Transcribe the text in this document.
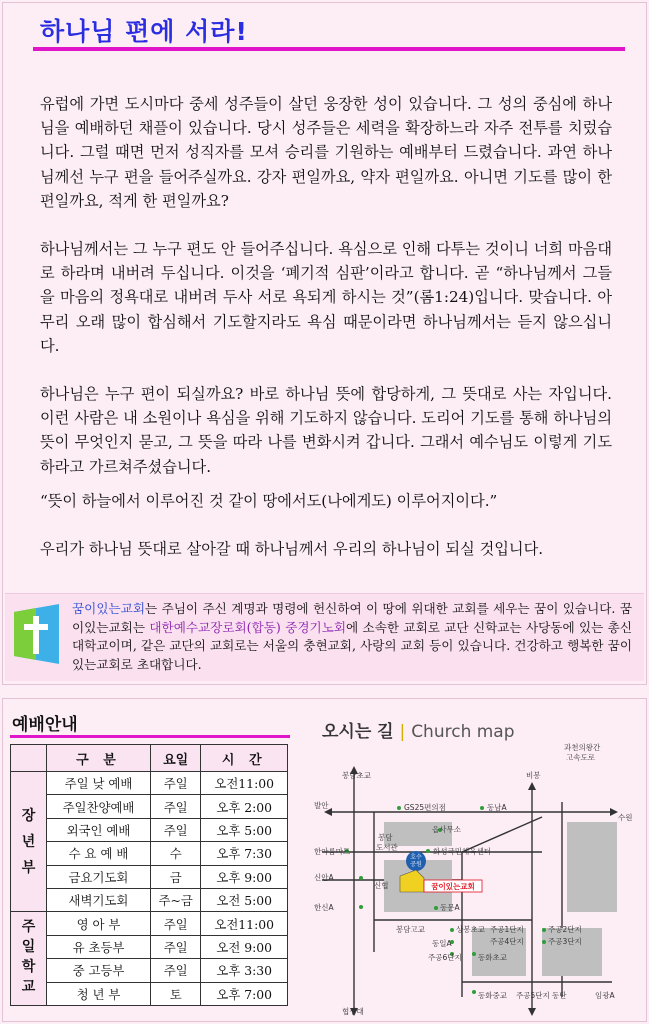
하나님 편에 서라!

유럽에 가면 도시마다 중세 성주들이 살던 웅장한 성이 있습니다. 그 성의 중심에 하나님을 예배하던 채플이 있습니다. 당시 성주들은 세력을 확장하느라 자주 전투를 치렀습니다. 그럴 때면 먼저 성직자를 모셔 승리를 기원하는 예배부터 드렸습니다. 과연 하나님께선 누구 편을 들어주실까요. 강자 편일까요, 약자 편일까요. 아니면 기도를 많이 한 편일까요, 적게 한 편일까요?

하나님께서는 그 누구 편도 안 들어주십니다. 욕심으로 인해 다투는 것이니 너희 마음대로 하라며 내버려 두십니다. 이것을 ‘폐기적 심판’이라고 합니다. 곧 “하나님께서 그들을 마음의 정욕대로 내버려 두사 서로 욕되게 하시는 것”(롬1:24)입니다. 맞습니다. 아무리 오래 많이 합심해서 기도할지라도 욕심 때문이라면 하나님께서는 듣지 않으십니다.

하나님은 누구 편이 되실까요? 바로 하나님 뜻에 합당하게, 그 뜻대로 사는 자입니다. 이런 사람은 내 소원이나 욕심을 위해 기도하지 않습니다. 도리어 기도를 통해 하나님의 뜻이 무엇인지 묻고, 그 뜻을 따라 나를 변화시켜 갑니다. 그래서 예수님도 이렇게 기도하라고 가르쳐주셨습니다.

“뜻이 하늘에서 이루어진 것 같이 땅에서도(나에게도) 이루어지이다.”

우리가 하나님 뜻대로 살아갈 때 하나님께서 우리의 하나님이 되실 것입니다.

꿈이있는교회는 주님이 주신 계명과 명령에 헌신하여 이 땅에 위대한 교회를 세우는 꿈이 있습니다. 꿈이있는교회는 대한예수교장로회(합동) 중경기노회에 소속한 교회로 교단 신학교는 사당동에 있는 총신대학교이며, 같은 교단의 교회로는 서울의 충현교회, 사랑의 교회 등이 있습니다. 건강하고 행복한 꿈이있는교회로 초대합니다.
예배안내
	구 분	요일	시 간
장년부	주일 낮 예배	주일	오전11:00
	주일찬양예배	주일	오후 2:00
	외국인 예배	주일	오후 5:00
	수 요 예 배	수	오후 7:30
	금요기도회	금	오후 9:00
	새벽기도회	주~금	오전 5:00
주일학교	영 아 부	주일	오전11:00
	유 초등부	주일	오전 9:00
	중 고등부	주일	오후 3:30
	청 년 부	토	오후 7:00
오시는 길 | Church map
호수
공원
꿈이있는교회
봉담초교	비봉
과천의왕간
고속도로
발안	GS25편의점	동남A
수원
봉담
도서관
읍사무소
한아름마트	화성국민체육센터
신안A
신협
한신A	동문A
봉담고교	상봉초교
동일A
주공6단지
주공1단지
주공4단지
동화초교
주공2단지
주공3단지
협성대
동화중교 주공5단지 동탄	임광A
